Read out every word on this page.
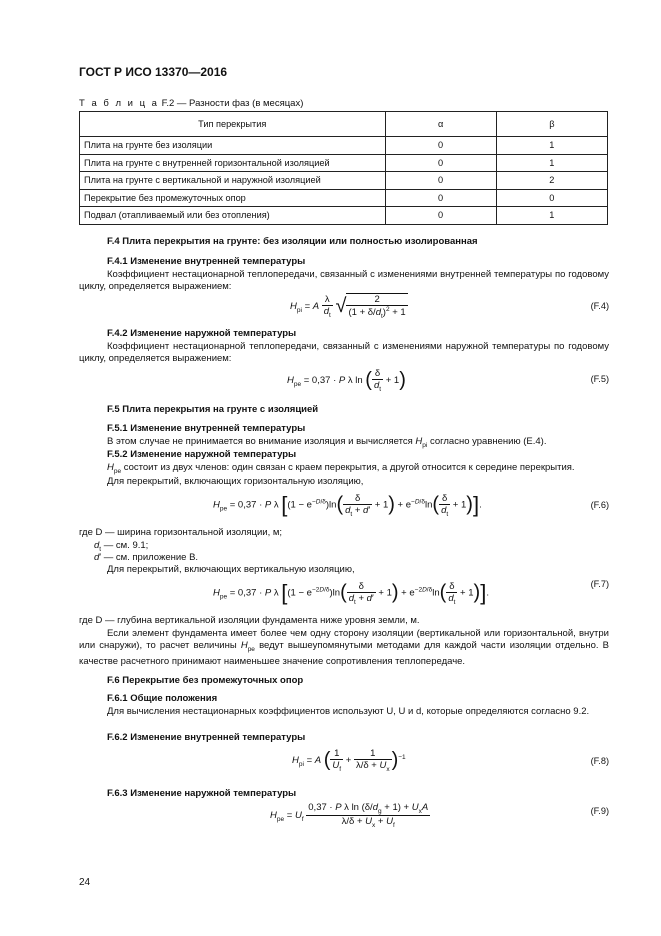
ГОСТ Р ИСО 13370—2016
Т а б л и ц а F.2 — Разности фаз (в месяцах)
Тип перекрытия	α	β
Плита на грунте без изоляции	0	1
Плита на грунте с внутренней горизонтальной изоляцией	0	1
Плита на грунте с вертикальной и наружной изоляцией	0	2
Перекрытие без промежуточных опор	0	0
Подвал (отапливаемый или без отопления)	0	1
F.4 Плита перекрытия на грунте: без изоляции или полностью изолированная
F.4.1 Изменение внутренней температуры
Коэффициент нестационарной теплопередачи, связанный с изменениями внутренней температуры по годовому циклу, определяется выражением:
$H_{pi} = A \frac{\lambda}{d_t}$ √ $\frac{2}{(1 + \delta/d_t)^2 + 1}$	(F.4)
F.4.2 Изменение наружной температуры
Коэффициент нестационарной теплопередачи, связанный с изменениями наружной температуры по годовому циклу, определяется выражением:
$H_{pe} = 0,37 \cdot P$ λ ln ( $\frac{\delta}{d_t} + 1$)	(F.5)
F.5 Плита перекрытия на грунте с изоляцией
F.5.1 Изменение внутренней температуры
В этом случае не принимается во внимание изоляция и вычисляется $H_{pi}$ согласно уравнению (Е.4).
F.5.2 Изменение наружной температуры
$H_{pe}$ состоит из двух членов: один связан с краем перекрытия, а другой относится к середине перекрытия.
Для перекрытий, включающих горизонтальную изоляцию,
$H_{pe} = 0,37 \cdot P$ λ $[(1 - e^{-D/\delta})\ln( \frac{\delta}{d_t + d'} + 1) + e^{-D/\delta}\ln( \frac{\delta}{d_t} + 1)]$.	(F.6)
где D — ширина горизонтальной изоляции, м;
$d_t$ — см. 9.1;
d′ — см. приложение В.
Для перекрытий, включающих вертикальную изоляцию,
$H_{pe} = 0,37 \cdot P$ λ $[(1 - e^{-2D/\delta})\ln( \frac{\delta}{d_t + d'} + 1) + e^{-2D/\delta}\ln( \frac{\delta}{d_t} + 1)]$.
(F.7)
где D — глубина вертикальной изоляции фундамента ниже уровня земли, м.
Если элемент фундамента имеет более чем одну сторону изоляции (вертикальной или горизонтальной, внутри или снаружи), то расчет величины $H_{pe}$ ведут вышеупомянутыми методами для каждой части изоляции отдельно. В качестве расчетного принимают наименьшее значение сопротивления теплопередаче.
F.6 Перекрытие без промежуточных опор
F.6.1 Общие положения
Для вычисления нестационарных коэффициентов используют U, U и d, которые определяются согласно 9.2.
F.6.2 Изменение внутренней температуры
$H_{pi} = A$ ( $\frac{1}{U_f} + \frac{1}{\lambda/\delta + U_x} )^{-1}$	(F.8)
F.6.3 Изменение наружной температуры
$H_{pe} = U_f \frac{0,37 \cdot P \lambda \ln (\delta/d_g + 1) + U_xA}{\lambda/\delta + U_x + U_f}$	(F.9)
24
